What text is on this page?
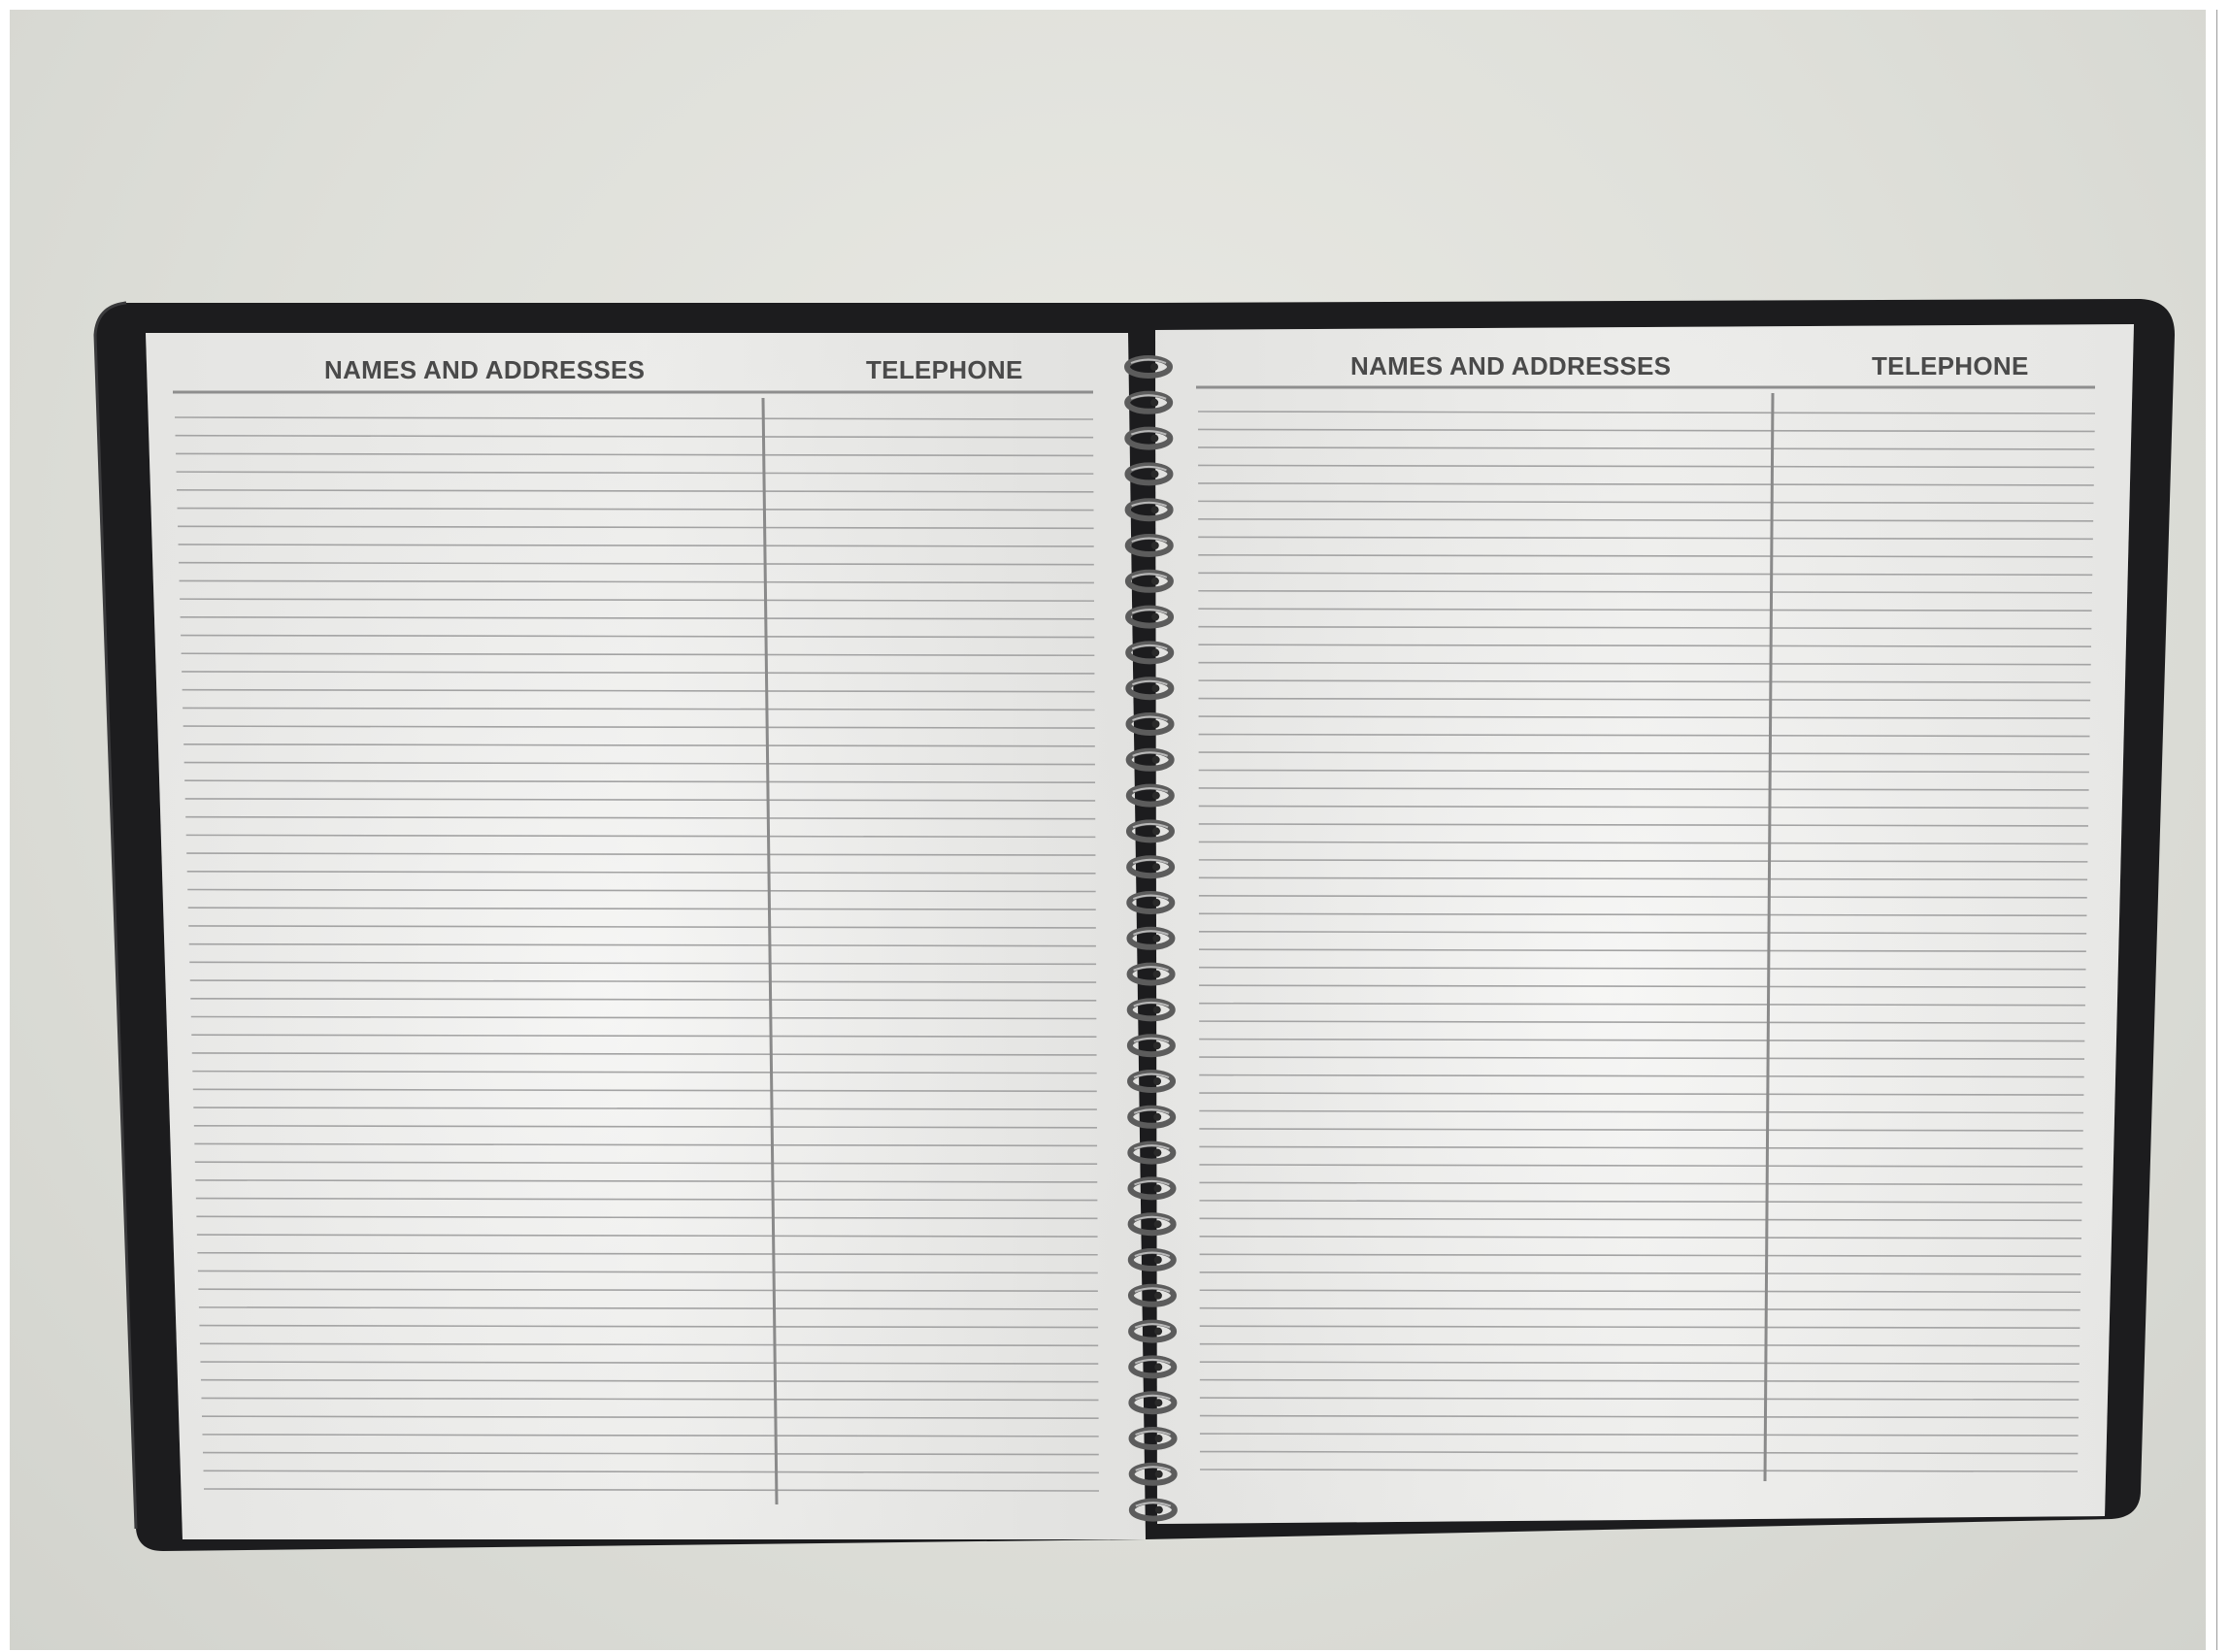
NAMES AND ADDRESSES	TELEPHONE	NAMES AND ADDRESSES	TELEPHONE
